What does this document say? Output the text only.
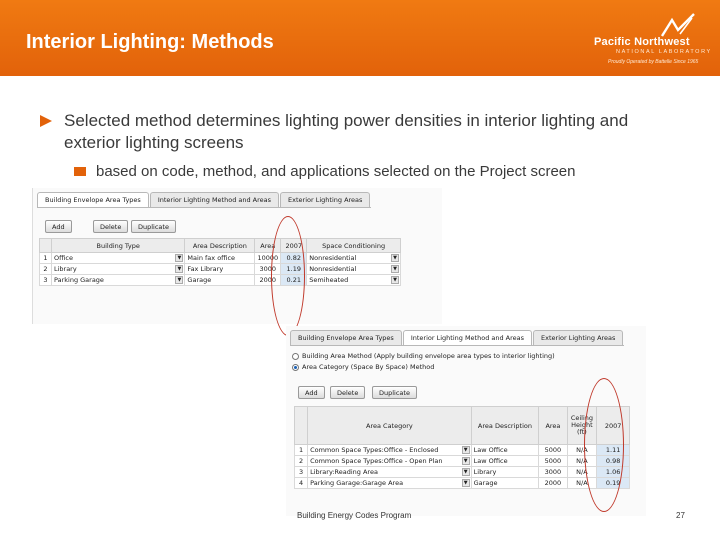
Interior Lighting: Methods	Pacific Northwest
NATIONAL LABORATORY
Proudly Operated by Battelle Since 1965
Selected method determines lighting power densities in interior lighting and exterior lighting screens
based on code, method, and applications selected on the Project screen
Building Envelope Area Types	Interior Lighting Method and Areas	Exterior Lighting Areas
Add	Delete	Duplicate
	Building Type	Area Description	Area	2007	Space Conditioning
1	Office ▼	Main fax office	10000	0.82	Nonresidential ▼

2	Library ▼	Fax Library	3000	1.19	Nonresidential ▼

3	Parking Garage ▼	Garage	2000	0.21	Semiheated ▼
Building Envelope Area Types	Interior Lighting Method and Areas	Exterior Lighting Areas
Building Area Method (Apply building envelope area types to interior lighting)
Area Category (Space By Space) Method
Add	Delete	Duplicate
	Area Category	Area Description	Area	Ceiling Height (ft)	2007
1	Common Space Types:Office - Enclosed ▼	Law Office	5000	N/A	1.11
2	Common Space Types:Office - Open Plan ▼	Law Office	5000	N/A	0.98
3	Library:Reading Area ▼	Library	3000	N/A	1.06
4	Parking Garage:Garage Area ▼	Garage	2000	N/A	0.19
Building Energy Codes Program	27
